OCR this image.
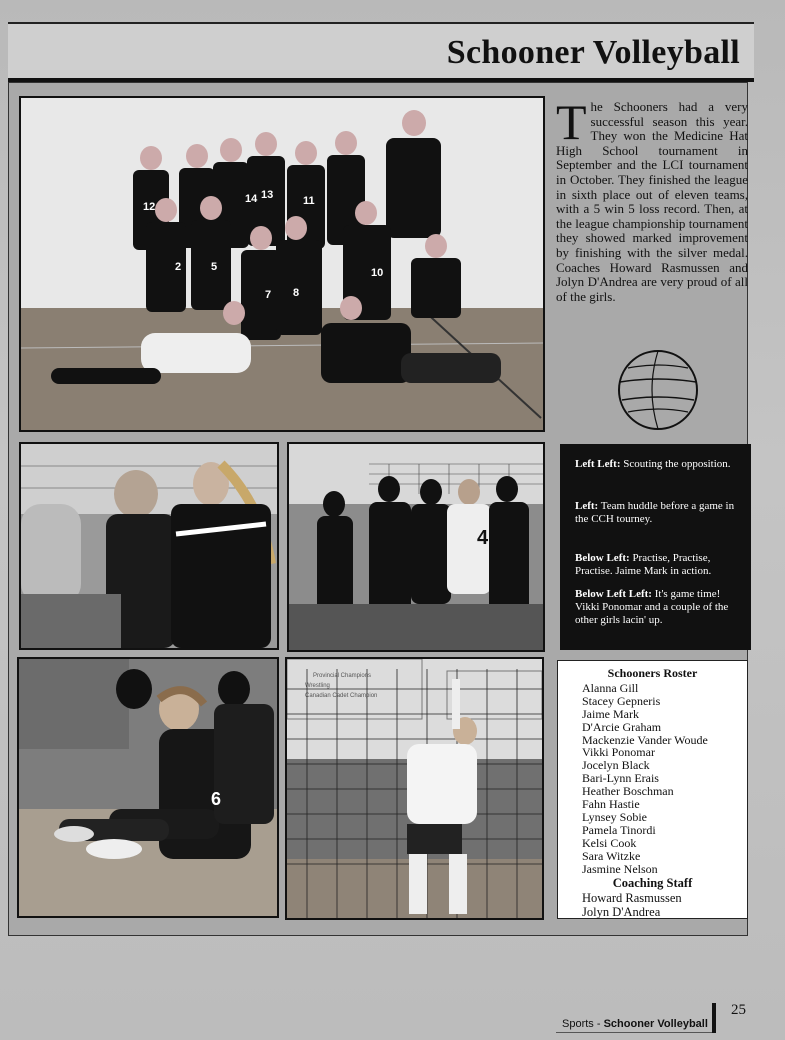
Schooner Volleyball
12
14 13	11
2	5
7 8
10
The Schooners had a very successful season this year. They won the Medicine Hat High School tournament in September and the LCI tournament in October. They finished the league in sixth place out of eleven teams, with a 5 win 5 loss record. Then, at the league championship tournament they showed marked improvement by finishing with the silver medal. Coaches Howard Rasmussen and Jolyn D'Andrea are very proud of all of the girls.
4
Left Left: Scouting the opposition.
Left: Team huddle before a game in the CCH tourney.
Below Left: Practise, Practise, Practise. Jaime Mark in action.
Below Left Left: It's game time! Vikki Ponomar and a couple of the other girls lacin' up.
6
Provincial Champions
Wrestling
Canadian Cadet Champion
Schooners Roster
Alanna Gill
Stacey Gepneris
Jaime Mark
D'Arcie Graham
Mackenzie Vander Woude
Vikki Ponomar
Jocelyn Black
Bari-Lynn Erais
Heather Boschman
Fahn Hastie
Lynsey Sobie
Pamela Tinordi
Kelsi Cook
Sara Witzke
Jasmine Nelson
Coaching Staff
Howard Rasmussen
Jolyn D'Andrea
Sports - Schooner Volleyball
25
